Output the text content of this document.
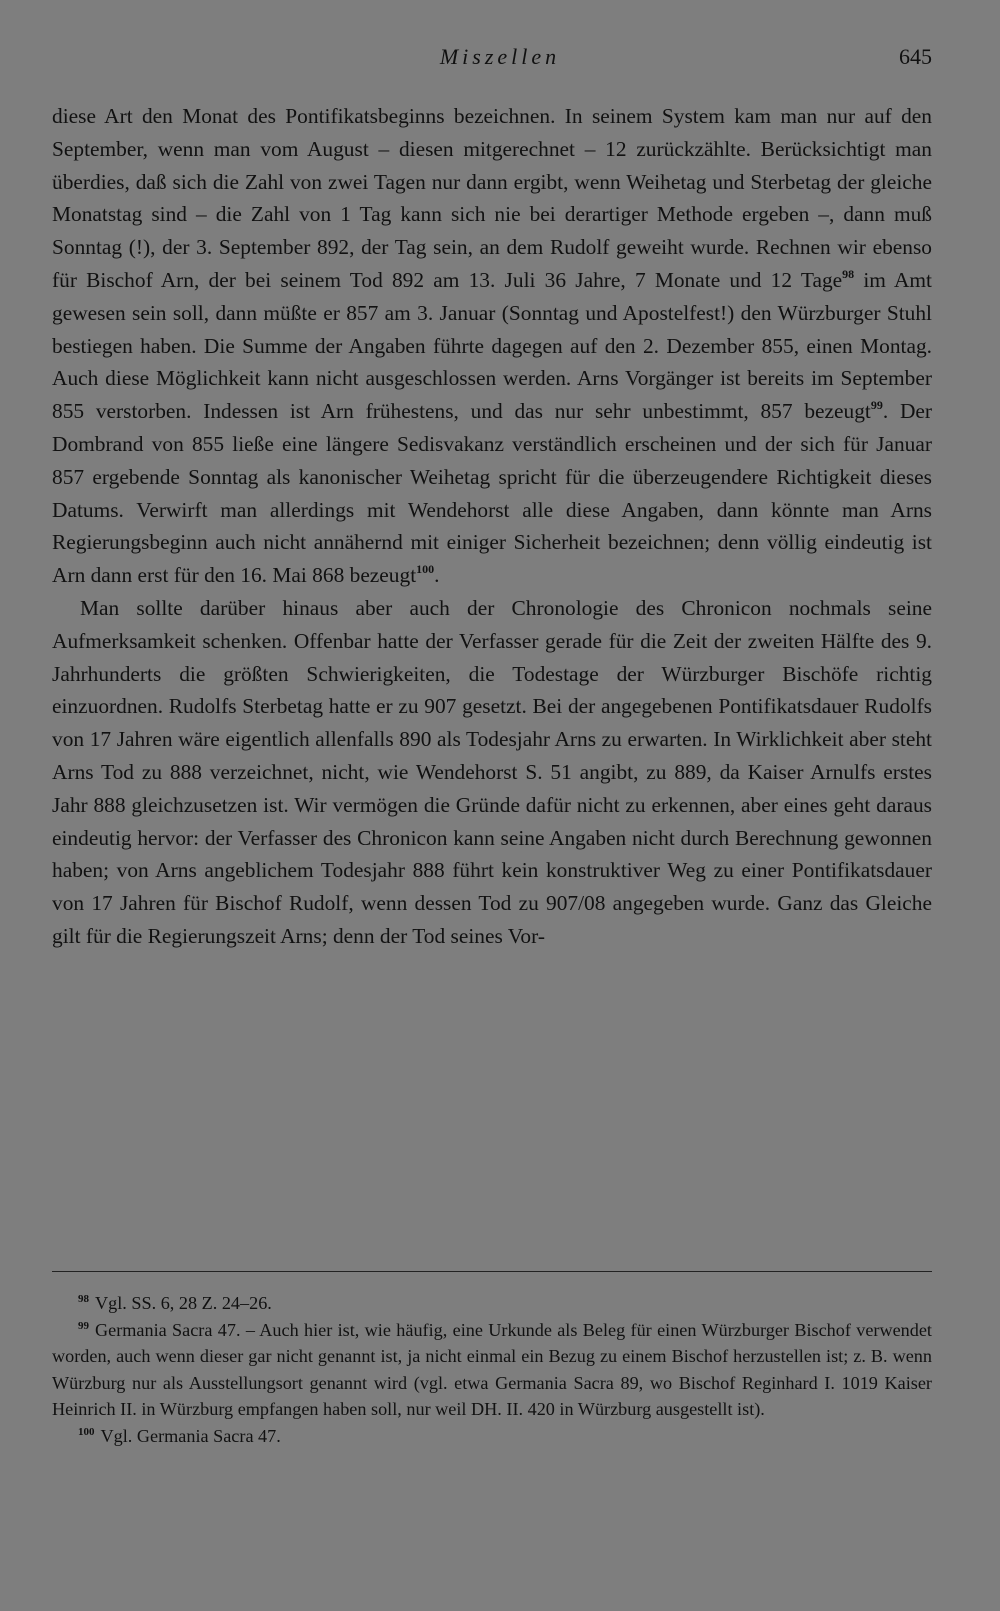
Miszellen	645

diese Art den Monat des Pontifikatsbeginns bezeichnen. In seinem System kam man nur auf den September, wenn man vom August – diesen mitgerechnet – 12 zurückzählte. Berücksichtigt man überdies, daß sich die Zahl von zwei Tagen nur dann ergibt, wenn Weihetag und Sterbetag der gleiche Monatstag sind – die Zahl von 1 Tag kann sich nie bei derartiger Methode ergeben –, dann muß Sonntag (!), der 3. September 892, der Tag sein, an dem Rudolf geweiht wurde. Rechnen wir ebenso für Bischof Arn, der bei seinem Tod 892 am 13. Juli 36 Jahre, 7 Monate und 12 Tage$^{98}$ im Amt gewesen sein soll, dann müßte er 857 am 3. Januar (Sonntag und Apostelfest!) den Würzburger Stuhl bestiegen haben. Die Summe der Angaben führte dagegen auf den 2. Dezember 855, einen Montag. Auch diese Möglichkeit kann nicht ausgeschlossen werden. Arns Vorgänger ist bereits im September 855 verstorben. Indessen ist Arn frühestens, und das nur sehr unbestimmt, 857 bezeugt$^{99}$. Der Dombrand von 855 ließe eine längere Sedisvakanz verständlich erscheinen und der sich für Januar 857 ergebende Sonntag als kanonischer Weihetag spricht für die überzeugendere Richtigkeit dieses Datums. Verwirft man allerdings mit Wendehorst alle diese Angaben, dann könnte man Arns Regierungsbeginn auch nicht annähernd mit einiger Sicherheit bezeichnen; denn völlig eindeutig ist Arn dann erst für den 16. Mai 868 bezeugt$^{100}$.

Man sollte darüber hinaus aber auch der Chronologie des Chronicon nochmals seine Aufmerksamkeit schenken. Offenbar hatte der Verfasser gerade für die Zeit der zweiten Hälfte des 9. Jahrhunderts die größten Schwierigkeiten, die Todestage der Würzburger Bischöfe richtig einzuordnen. Rudolfs Sterbetag hatte er zu 907 gesetzt. Bei der angegebenen Pontifikatsdauer Rudolfs von 17 Jahren wäre eigentlich allenfalls 890 als Todesjahr Arns zu erwarten. In Wirklichkeit aber steht Arns Tod zu 888 verzeichnet, nicht, wie Wendehorst S. 51 angibt, zu 889, da Kaiser Arnulfs erstes Jahr 888 gleichzusetzen ist. Wir vermögen die Gründe dafür nicht zu erkennen, aber eines geht daraus eindeutig hervor: der Verfasser des Chronicon kann seine Angaben nicht durch Berechnung gewonnen haben; von Arns angeblichem Todesjahr 888 führt kein konstruktiver Weg zu einer Pontifikatsdauer von 17 Jahren für Bischof Rudolf, wenn dessen Tod zu 907/08 angegeben wurde. Ganz das Gleiche gilt für die Regierungszeit Arns; denn der Tod seines Vor-

$^{98}$ Vgl. SS. 6, 28 Z. 24–26.

$^{99}$ Germania Sacra 47. – Auch hier ist, wie häufig, eine Urkunde als Beleg für einen Würzburger Bischof verwendet worden, auch wenn dieser gar nicht genannt ist, ja nicht einmal ein Bezug zu einem Bischof herzustellen ist; z. B. wenn Würzburg nur als Ausstellungsort genannt wird (vgl. etwa Germania Sacra 89, wo Bischof Reginhard I. 1019 Kaiser Heinrich II. in Würzburg empfangen haben soll, nur weil DH. II. 420 in Würzburg ausgestellt ist).

$^{100}$ Vgl. Germania Sacra 47.
